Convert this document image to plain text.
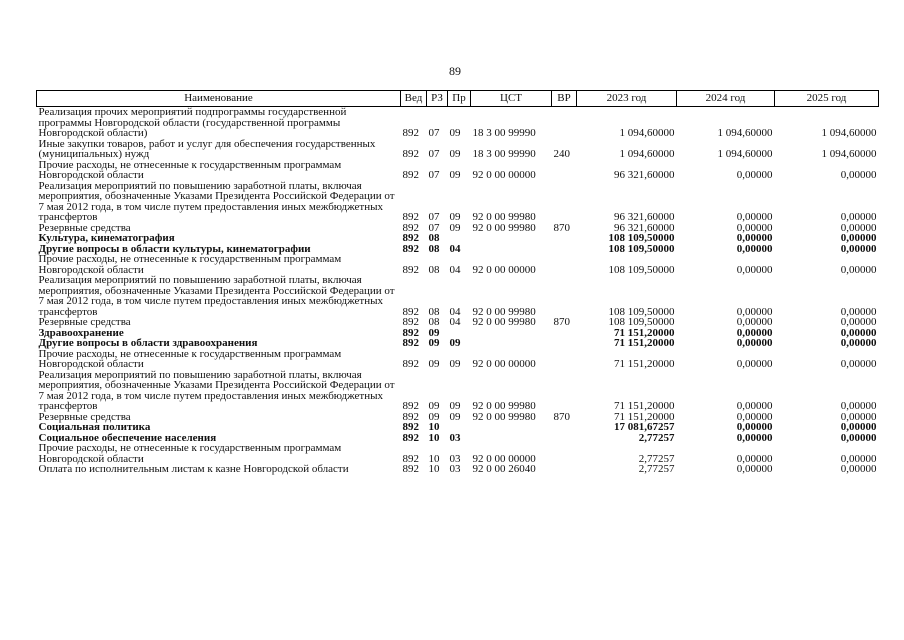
89
Наименование	Вед	РЗ	Пр	ЦСТ	ВР	2023 год	2024 год	2025 год
Реализация прочих мероприятий подпрограммы государственной программы Новгородской области (государственной программы Новгородской области)	892	07	09	18 3 00 99990		1 094,60000	1 094,60000	1 094,60000
Иные закупки товаров, работ и услуг для обеспечения государственных (муниципальных) нужд	892	07	09	18 3 00 99990	240	1 094,60000	1 094,60000	1 094,60000
Прочие расходы, не отнесенные к государственным программам Новгородской области	892	07	09	92 0 00 00000		96 321,60000	0,00000	0,00000
Реализация мероприятий по повышению заработной платы, включая мероприятия, обозначенные Указами Президента Российской Федерации от 7 мая 2012 года, в том числе путем предоставления иных межбюджетных трансфертов	892	07	09	92 0 00 99980		96 321,60000	0,00000	0,00000
Резервные средства	892	07	09	92 0 00 99980	870	96 321,60000	0,00000	0,00000
Культура, кинематография	892	08				108 109,50000	0,00000	0,00000
Другие вопросы в области культуры, кинематографии	892	08	04			108 109,50000	0,00000	0,00000
Прочие расходы, не отнесенные к государственным программам Новгородской области	892	08	04	92 0 00 00000		108 109,50000	0,00000	0,00000
Реализация мероприятий по повышению заработной платы, включая мероприятия, обозначенные Указами Президента Российской Федерации от 7 мая 2012 года, в том числе путем предоставления иных межбюджетных трансфертов	892	08	04	92 0 00 99980		108 109,50000	0,00000	0,00000
Резервные средства	892	08	04	92 0 00 99980	870	108 109,50000	0,00000	0,00000
Здравоохранение	892	09				71 151,20000	0,00000	0,00000
Другие вопросы в области здравоохранения	892	09	09			71 151,20000	0,00000	0,00000
Прочие расходы, не отнесенные к государственным программам Новгородской области	892	09	09	92 0 00 00000		71 151,20000	0,00000	0,00000
Реализация мероприятий по повышению заработной платы, включая мероприятия, обозначенные Указами Президента Российской Федерации от 7 мая 2012 года, в том числе путем предоставления иных межбюджетных трансфертов	892	09	09	92 0 00 99980		71 151,20000	0,00000	0,00000
Резервные средства	892	09	09	92 0 00 99980	870	71 151,20000	0,00000	0,00000
Социальная политика	892	10				17 081,67257	0,00000	0,00000
Социальное обеспечение населения	892	10	03			2,77257	0,00000	0,00000
Прочие расходы, не отнесенные к государственным программам Новгородской области	892	10	03	92 0 00 00000		2,77257	0,00000	0,00000
Оплата по исполнительным листам к казне Новгородской области	892	10	03	92 0 00 26040		2,77257	0,00000	0,00000
